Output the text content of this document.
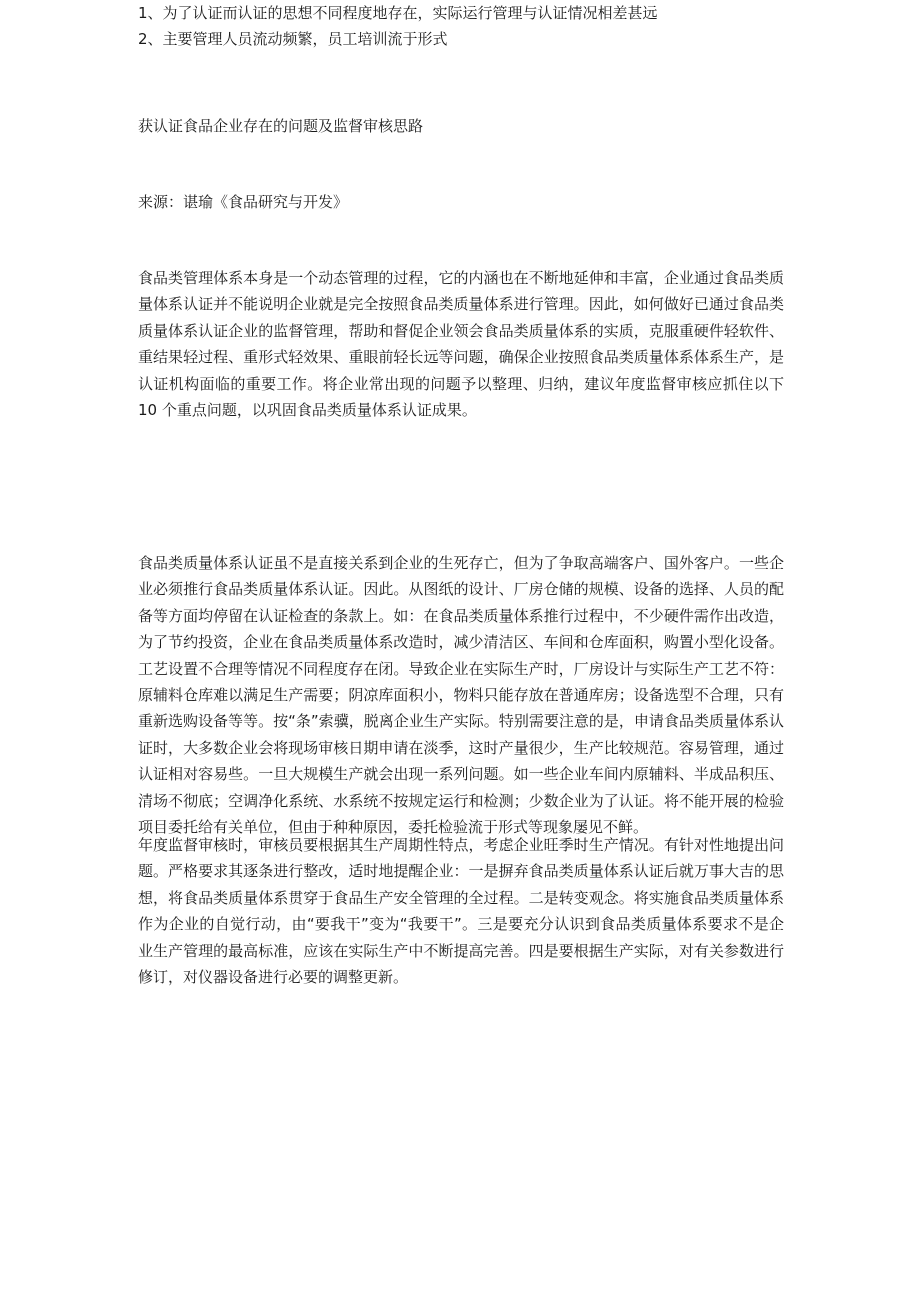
获认证食品企业存在的问题及监督审核思路

来源：谌瑜《食品研究与开发》

食品类管理体系本身是一个动态管理的过程，它的内涵也在不断地延伸和丰富，企业通过食品类质量体系认证并不能说明企业就是完全按照食品类质量体系进行管理。因此，如何做好已通过食品类质量体系认证企业的监督管理，帮助和督促企业领会食品类质量体系的实质，克服重硬件轻软件、重结果轻过程、重形式轻效果、重眼前轻长远等问题，确保企业按照食品类质量体系体系生产，是认证机构面临的重要工作。将企业常出现的问题予以整理、归纳，建议年度监督审核应抓住以下 10 个重点问题，以巩固食品类质量体系认证成果。

1、为了认证而认证的思想不同程度地存在，实际运行管理与认证情况相差甚远

食品类质量体系认证虽不是直接关系到企业的生死存亡，但为了争取高端客户、国外客户。一些企业必须推行食品类质量体系认证。因此。从图纸的设计、厂房仓储的规模、设备的选择、人员的配备等方面均停留在认证检查的条款上。如：在食品类质量体系推行过程中，不少硬件需作出改造，为了节约投资，企业在食品类质量体系改造时，减少清洁区、车间和仓库面积，购置小型化设备。工艺设置不合理等情况不同程度存在闭。导致企业在实际生产时，厂房设计与实际生产工艺不符：原辅料仓库难以满足生产需要；阴凉库面积小，物料只能存放在普通库房；设备选型不合理，只有重新选购设备等等。按“条”索骥，脱离企业生产实际。特别需要注意的是，申请食品类质量体系认证时，大多数企业会将现场审核日期申请在淡季，这时产量很少，生产比较规范。容易管理，通过认证相对容易些。一旦大规模生产就会出现一系列问题。如一些企业车间内原辅料、半成品积压、清场不彻底；空调净化系统、水系统不按规定运行和检测；少数企业为了认证。将不能开展的检验项目委托给有关单位，但由于种种原因，委托检验流于形式等现象屡见不鲜。

年度监督审核时，审核员要根据其生产周期性特点，考虑企业旺季时生产情况。有针对性地提出问题。严格要求其逐条进行整改，适时地提醒企业：一是摒弃食品类质量体系认证后就万事大吉的思想，将食品类质量体系贯穿于食品生产安全管理的全过程。二是转变观念。将实施食品类质量体系作为企业的自觉行动，由“要我干”变为“我要干”。三是要充分认识到食品类质量体系要求不是企业生产管理的最高标准，应该在实际生产中不断提高完善。四是要根据生产实际，对有关参数进行修订，对仪器设备进行必要的调整更新。

2、主要管理人员流动频繁，员工培训流于形式
